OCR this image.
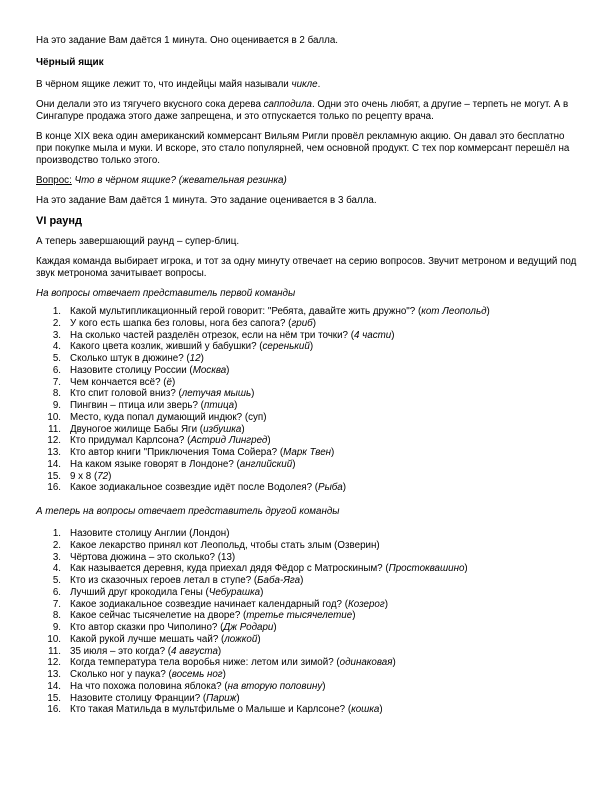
На это задание Вам даётся 1 минута. Оно оценивается в 2 балла.

Чёрный ящик

В чёрном ящике лежит то, что индейцы майя называли чикле.

Они делали это из тягучего вкусного сока дерева сапподила. Одни это очень любят, а другие – терпеть не могут. А в Сингапуре продажа этого даже запрещена, и это отпускается только по рецепту врача.

В конце XIX века один американский коммерсант Вильям Ригли провёл рекламную акцию. Он давал это бесплатно при покупке мыла и муки. И вскоре, это стало популярней, чем основной продукт. С тех пор коммерсант перешёл на производство только этого.

Вопрос: Что в чёрном ящике? (жевательная резинка)

На это задание Вам даётся 1 минута. Это задание оценивается в 3 балла.

VI раунд

А теперь завершающий раунд – супер-блиц.

Каждая команда выбирает игрока, и тот за одну минуту отвечает на серию вопросов. Звучит метроном и ведущий под звук метронома зачитывает вопросы.

На вопросы отвечает представитель первой команды

1. Какой мультипликационный герой говорит: "Ребята, давайте жить дружно"? (кот Леопольд)
2. У кого есть шапка без головы, нога без сапога? (гриб)
3. На сколько частей разделён отрезок, если на нём три точки? (4 части)
4. Какого цвета козлик, живший у бабушки? (серенький)
5. Сколько штук в дюжине? (12)
6. Назовите столицу России (Москва)
7. Чем кончается всё? (ё)
8. Кто спит головой вниз? (летучая мышь)
9. Пингвин – птица или зверь? (птица)
10. Место, куда попал думающий индюк? (суп)
11. Двуногое жилище Бабы Яги (избушка)
12. Кто придумал Карлсона? (Астрид Лингред)
13. Кто автор книги "Приключения Тома Сойера? (Марк Твен)
14. На каком языке говорят в Лондоне? (английский)
15. 9 x 8 (72)
16. Какое зодиакальное созвездие идёт после Водолея? (Рыба)

А теперь на вопросы отвечает представитель другой команды

1. Назовите столицу Англии (Лондон)
2. Какое лекарство принял кот Леопольд, чтобы стать злым (Озверин)
3. Чёртова дюжина – это сколько? (13)
4. Как называется деревня, куда приехал дядя Фёдор с Матроскиным? (Простоквашино)
5. Кто из сказочных героев летал в ступе? (Баба-Яга)
6. Лучший друг крокодила Гены (Чебурашка)
7. Какое зодиакальное созвездие начинает календарный год? (Козерог)
8. Какое сейчас тысячелетие на дворе? (третье тысячелетие)
9. Кто автор сказки про Чиполино? (Дж Родари)
10. Какой рукой лучше мешать чай? (ложкой)
11. 35 июля – это когда? (4 августа)
12. Когда температура тела воробья ниже: летом или зимой? (одинаковая)
13. Сколько ног у паука? (восемь ног)
14. На что похожа половина яблока? (на вторую половину)
15. Назовите столицу Франции? (Париж)
16. Кто такая Матильда в мультфильме о Малыше и Карлсоне? (кошка)
